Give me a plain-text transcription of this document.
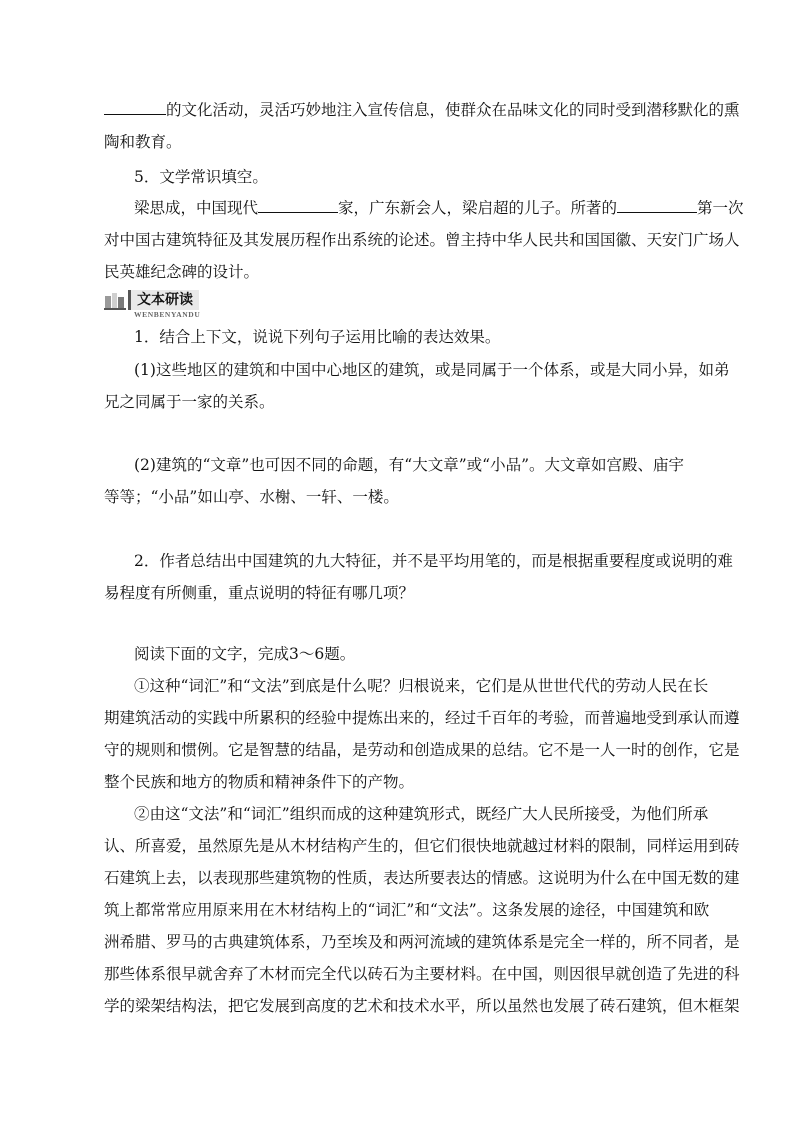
的文化活动，灵活巧妙地注入宣传信息，使群众在品味文化的同时受到潜移默化的熏
陶和教育。
5．文学常识填空。
梁思成，中国现代	家，广东新会人，梁启超的儿子。所著的	第一次
对中国古建筑特征及其发展历程作出系统的论述。曾主持中华人民共和国国徽、天安门广场人
民英雄纪念碑的设计。
文本研读
WENBENYANDU
1．结合上下文，说说下列句子运用比喻的表达效果。
(1)这些地区的建筑和中国中心地区的建筑，或是同属于一个体系，或是大同小异，如弟
兄之同属于一家的关系。
(2)建筑的“文章”也可因不同的命题，有“大文章”或“小品”。大文章如宫殿、庙宇
等等；“小品”如山亭、水榭、一轩、一楼。
2．作者总结出中国建筑的九大特征，并不是平均用笔的，而是根据重要程度或说明的难
易程度有所侧重，重点说明的特征有哪几项？
阅读下面的文字，完成3～6题。
①这种“词汇”和“文法”到底是什么呢？归根说来，它们是从世世代代的劳动人民在长
期建筑活动的实践中所累积的经验中提炼出来的，经过千百年的考验，而普遍地受到承认而遵
守的规则和惯例。它是智慧的结晶，是劳动和创造成果的总结。它不是一人一时的创作，它是
整个民族和地方的物质和精神条件下的产物。
②由这“文法”和“词汇”组织而成的这种建筑形式，既经广大人民所接受，为他们所承
认、所喜爱，虽然原先是从木材结构产生的，但它们很快地就越过材料的限制，同样运用到砖
石建筑上去，以表现那些建筑物的性质，表达所要表达的情感。这说明为什么在中国无数的建
筑上都常常应用原来用在木材结构上的“词汇”和“文法”。这条发展的途径，中国建筑和欧
洲希腊、罗马的古典建筑体系，乃至埃及和两河流域的建筑体系是完全一样的，所不同者，是
那些体系很早就舍弃了木材而完全代以砖石为主要材料。在中国，则因很早就创造了先进的科
学的梁架结构法，把它发展到高度的艺术和技术水平，所以虽然也发展了砖石建筑，但木框架
